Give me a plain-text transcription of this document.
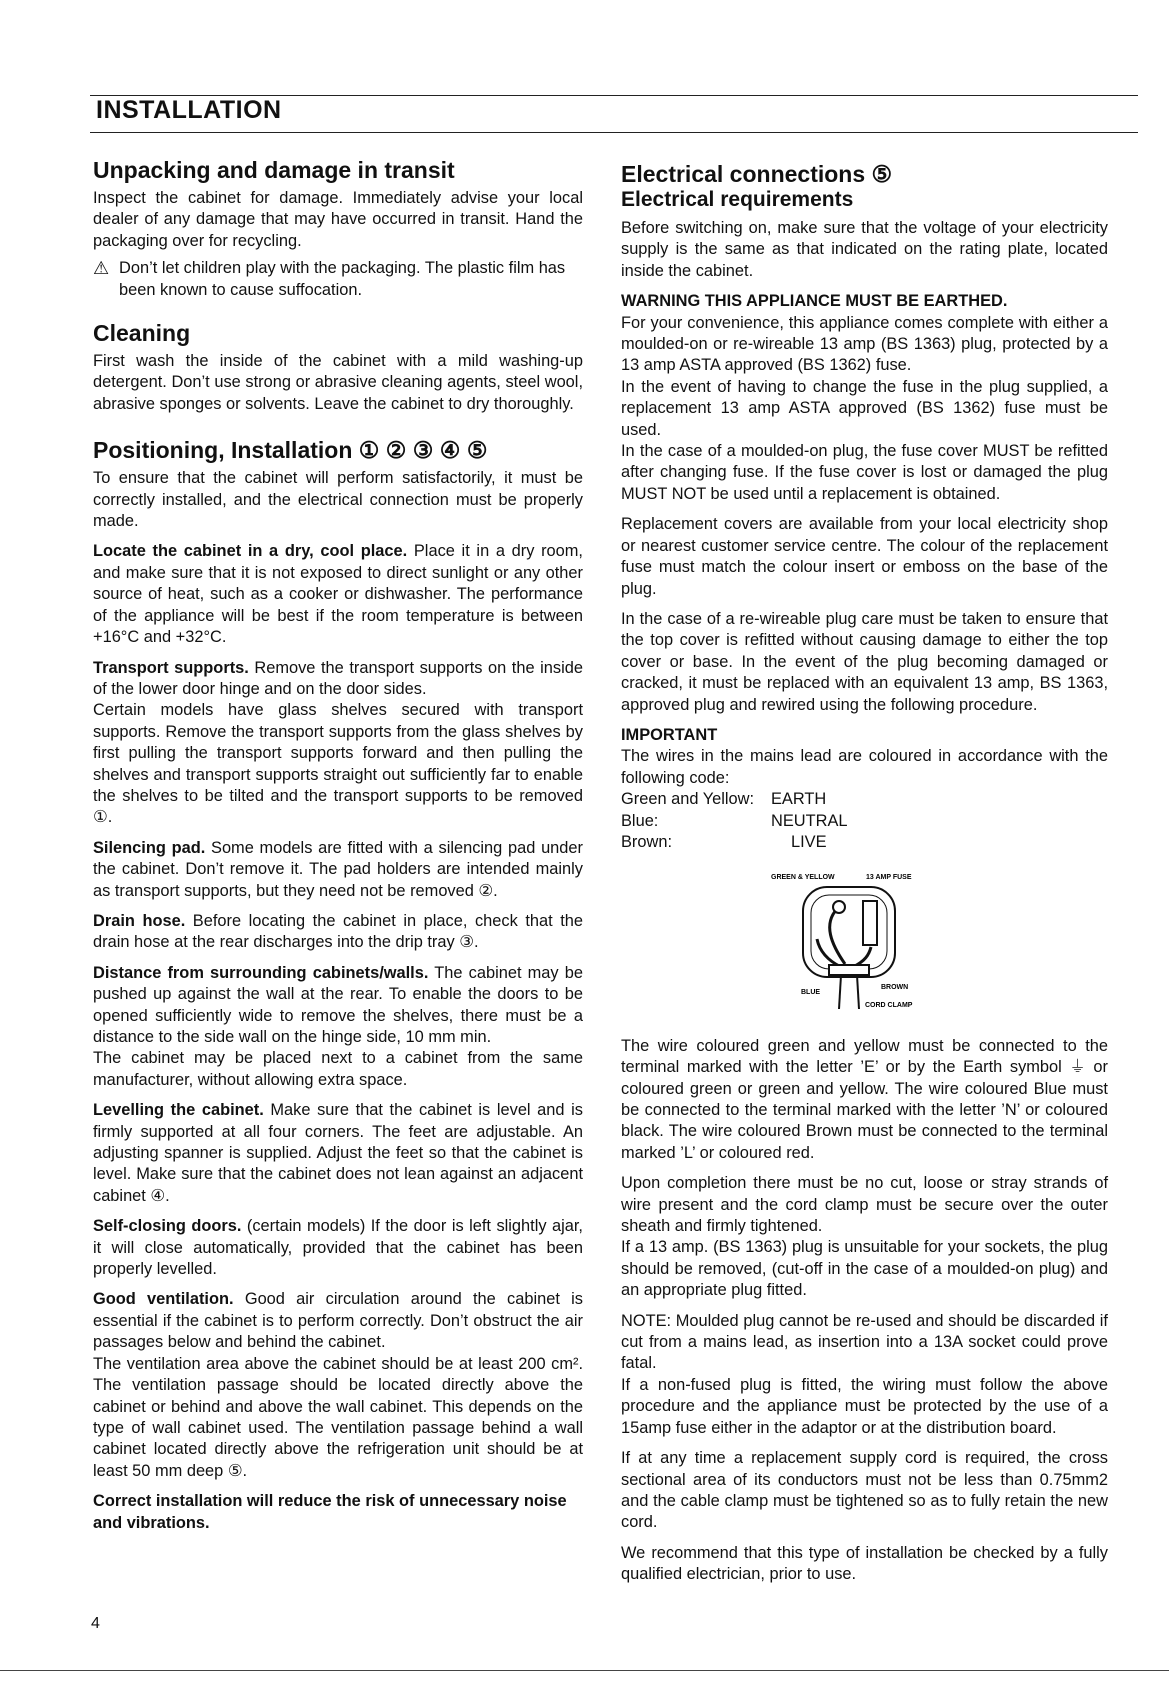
INSTALLATION
Unpacking and damage in transit

Inspect the cabinet for damage. Immediately advise your local dealer of any damage that may have occurred in transit. Hand the packaging over for recycling.

⚠ Don’t let children play with the packaging. The plastic film has been known to cause suffocation.
Cleaning

First wash the inside of the cabinet with a mild washing-up detergent. Don’t use strong or abrasive cleaning agents, steel wool, abrasive sponges or solvents. Leave the cabinet to dry thoroughly.

Positioning, Installation ① ② ③ ④ ⑤

To ensure that the cabinet will perform satisfactorily, it must be correctly installed, and the electrical connection must be properly made.

Locate the cabinet in a dry, cool place. Place it in a dry room, and make sure that it is not exposed to direct sunlight or any other source of heat, such as a cooker or dishwasher. The performance of the appliance will be best if the room temperature is between +16°C and +32°C.

Transport supports. Remove the transport supports on the inside of the lower door hinge and on the door sides.

Certain models have glass shelves secured with transport supports. Remove the transport supports from the glass shelves by first pulling the transport supports forward and then pulling the shelves and transport supports straight out sufficiently far to enable the shelves to be tilted and the transport supports to be removed ①.

Silencing pad. Some models are fitted with a silencing pad under the cabinet. Don’t remove it. The pad holders are intended mainly as transport supports, but they need not be removed ②.

Drain hose. Before locating the cabinet in place, check that the drain hose at the rear discharges into the drip tray ③.

Distance from surrounding cabinets/walls. The cabinet may be pushed up against the wall at the rear. To enable the doors to be opened sufficiently wide to remove the shelves, there must be a distance to the side wall on the hinge side, 10 mm min.

The cabinet may be placed next to a cabinet from the same manufacturer, without allowing extra space.

Levelling the cabinet. Make sure that the cabinet is level and is firmly supported at all four corners. The feet are adjustable. An adjusting spanner is supplied. Adjust the feet so that the cabinet is level. Make sure that the cabinet does not lean against an adjacent cabinet ④.

Self-closing doors. (certain models) If the door is left slightly ajar, it will close automatically, provided that the cabinet has been properly levelled.

Good ventilation. Good air circulation around the cabinet is essential if the cabinet is to perform correctly. Don’t obstruct the air passages below and behind the cabinet.

The ventilation area above the cabinet should be at least 200 cm². The ventilation passage should be located directly above the cabinet or behind and above the wall cabinet. This depends on the type of wall cabinet used. The ventilation passage behind a wall cabinet located directly above the refrigeration unit should be at least 50 mm deep ⑤.

Correct installation will reduce the risk of unnecessary noise and vibrations.

Electrical connections ⑤
Electrical requirements

Before switching on, make sure that the voltage of your electricity supply is the same as that indicated on the rating plate, located inside the cabinet.

WARNING THIS APPLIANCE MUST BE EARTHED.

For your convenience, this appliance comes complete with either a moulded-on or re-wireable 13 amp (BS 1363) plug, protected by a 13 amp ASTA approved (BS 1362) fuse.

In the event of having to change the fuse in the plug supplied, a replacement 13 amp ASTA approved (BS 1362) fuse must be used.

In the case of a moulded-on plug, the fuse cover MUST be refitted after changing fuse. If the fuse cover is lost or damaged the plug MUST NOT be used until a replacement is obtained.

Replacement covers are available from your local electricity shop or nearest customer service centre. The colour of the replacement fuse must match the colour insert or emboss on the base of the plug.

In the case of a re-wireable plug care must be taken to ensure that the top cover is refitted without causing damage to either the top cover or base. In the event of the plug becoming damaged or cracked, it must be replaced with an equivalent 13 amp, BS 1363, approved plug and rewired using the following procedure.

IMPORTANT

The wires in the mains lead are coloured in accordance with the following code:

Green and Yellow:	EARTH
Blue:	NEUTRAL
Brown:	LIVE
GREEN & YELLOW	13 AMP FUSE
BLUE
BROWN
CORD CLAMP

The wire coloured green and yellow must be connected to the terminal marked with the letter ’E’ or by the Earth symbol ⏚ or coloured green or green and yellow. The wire coloured Blue must be connected to the terminal marked with the letter ’N’ or coloured black. The wire coloured Brown must be connected to the terminal marked ’L’ or coloured red.

Upon completion there must be no cut, loose or stray strands of wire present and the cord clamp must be secure over the outer sheath and firmly tightened.

If a 13 amp. (BS 1363) plug is unsuitable for your sockets, the plug should be removed, (cut-off in the case of a moulded-on plug) and an appropriate plug fitted.

NOTE: Moulded plug cannot be re-used and should be discarded if cut from a mains lead, as insertion into a 13A socket could prove fatal.

If a non-fused plug is fitted, the wiring must follow the above procedure and the appliance must be protected by the use of a 15amp fuse either in the adaptor or at the distribution board.

If at any time a replacement supply cord is required, the cross sectional area of its conductors must not be less than 0.75mm2 and the cable clamp must be tightened so as to fully retain the new cord.

We recommend that this type of installation be checked by a fully qualified electrician, prior to use.

4
